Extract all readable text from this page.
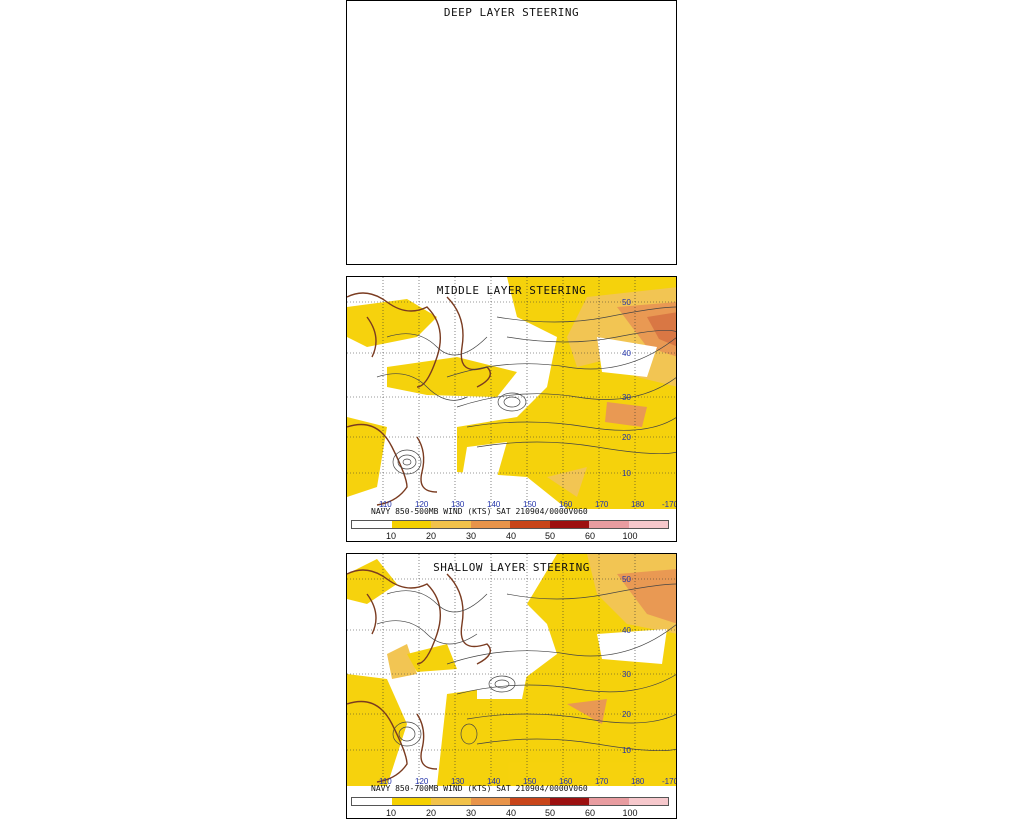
DEEP LAYER STEERING
110	120	130	140	150	160	170	180 -170
50
40
30
20
10
MIDDLE LAYER STEERING
NAVY 850-500MB WIND (KTS) SAT 210904/0000V060
10	20	30	40	50	60	100
110	120	130	140	150	160	170	180 -170
50
40
30
20
10
SHALLOW LAYER STEERING
NAVY 850-700MB WIND (KTS) SAT 210904/0000V060
10	20	30	40	50	60	100
